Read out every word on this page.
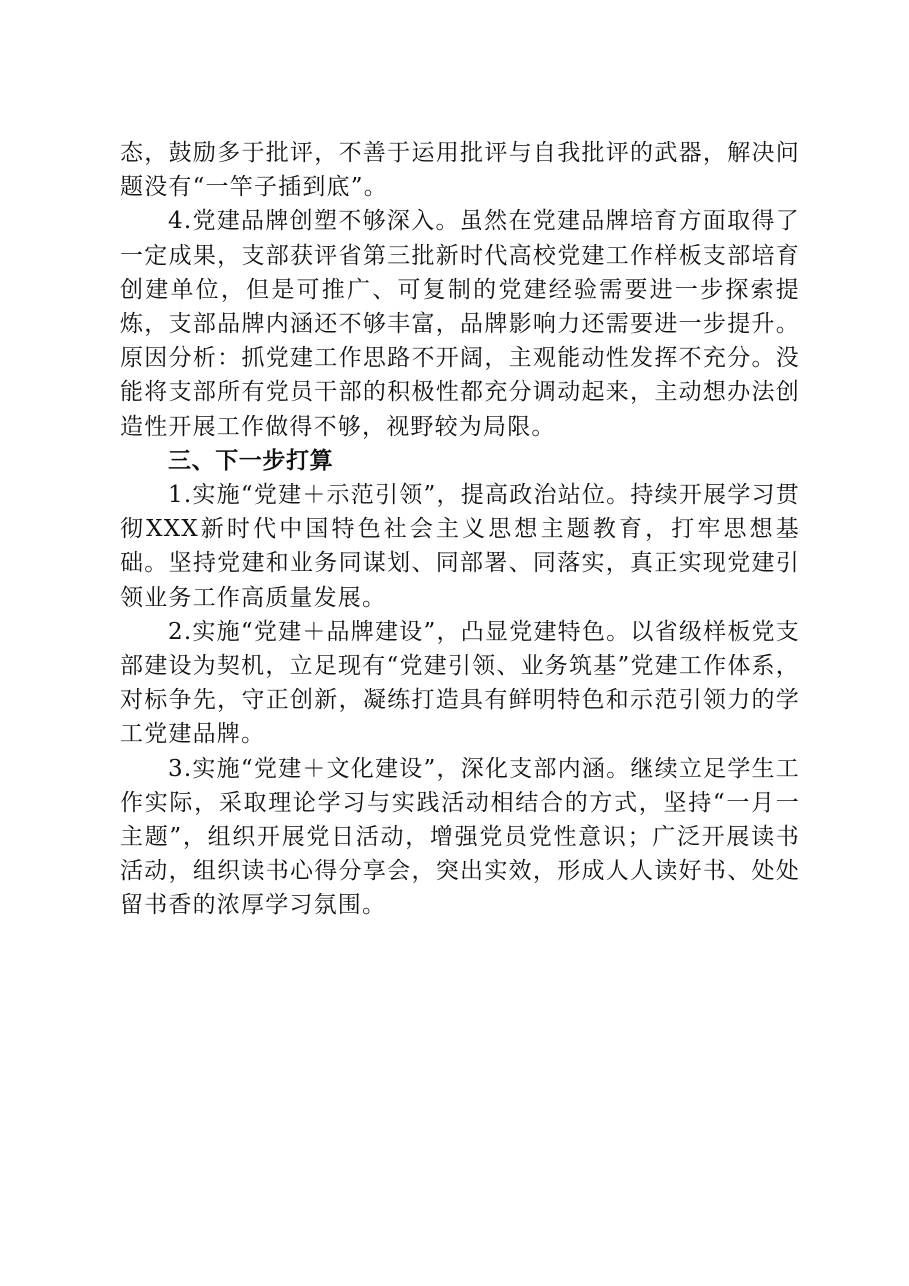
态，鼓励多于批评，不善于运用批评与自我批评的武器，解决问题没有“一竿子插到底”。

4.党建品牌创塑不够深入。虽然在党建品牌培育方面取得了一定成果，支部获评省第三批新时代高校党建工作样板支部培育创建单位，但是可推广、可复制的党建经验需要进一步探索提炼，支部品牌内涵还不够丰富，品牌影响力还需要进一步提升。原因分析：抓党建工作思路不开阔，主观能动性发挥不充分。没能将支部所有党员干部的积极性都充分调动起来，主动想办法创造性开展工作做得不够，视野较为局限。

三、下一步打算

1.实施“党建＋示范引领”，提高政治站位。持续开展学习贯彻XXX新时代中国特色社会主义思想主题教育，打牢思想基础。坚持党建和业务同谋划、同部署、同落实，真正实现党建引领业务工作高质量发展。

2.实施“党建＋品牌建设”，凸显党建特色。以省级样板党支部建设为契机，立足现有“党建引领、业务筑基”党建工作体系，对标争先，守正创新，凝练打造具有鲜明特色和示范引领力的学工党建品牌。

3.实施“党建＋文化建设”，深化支部内涵。继续立足学生工作实际，采取理论学习与实践活动相结合的方式，坚持“一月一主题”，组织开展党日活动，增强党员党性意识；广泛开展读书活动，组织读书心得分享会，突出实效，形成人人读好书、处处留书香的浓厚学习氛围。
